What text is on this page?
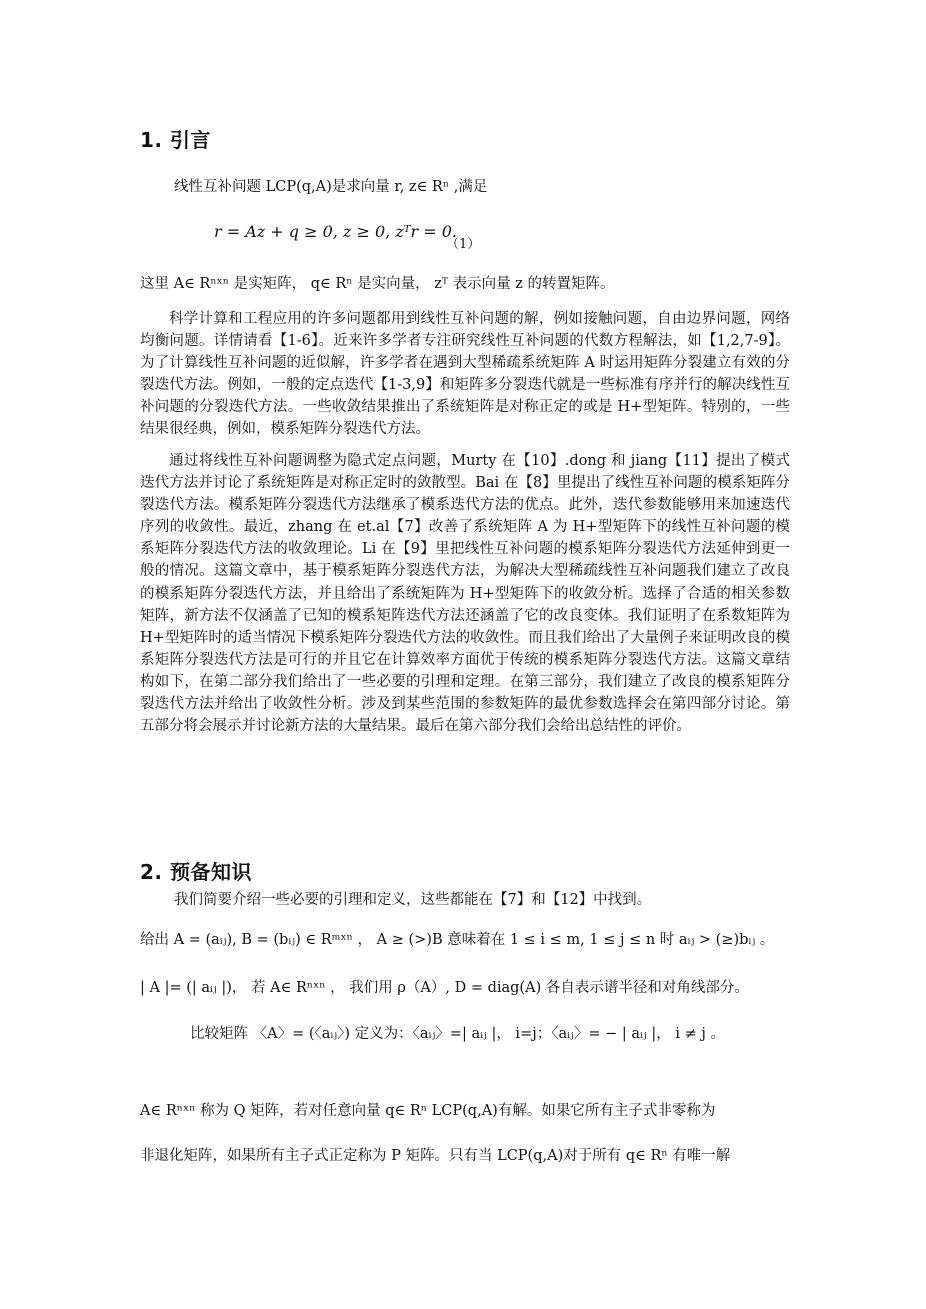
1. 引言
线性互补问题 LCP(q,A)是求向量 r, z∈ Rⁿ ,满足
r = Az + q ≥ 0, z ≥ 0, zᵀr = 0.
（1）
这里 A∈ Rⁿˣⁿ 是实矩阵， q∈ Rⁿ 是实向量， zᵀ 表示向量 z 的转置矩阵。
科学计算和工程应用的许多问题都用到线性互补问题的解，例如接触问题，自由边界问题，网络均衡问题。详情请看【1-6】。近来许多学者专注研究线性互补问题的代数方程解法，如【1,2,7-9】。为了计算线性互补问题的近似解，许多学者在遇到大型稀疏系统矩阵 A 时运用矩阵分裂建立有效的分裂迭代方法。例如，一般的定点迭代【1-3,9】和矩阵多分裂迭代就是一些标准有序并行的解决线性互补问题的分裂迭代方法。一些收敛结果推出了系统矩阵是对称正定的或是 H+型矩阵。特别的，一些结果很经典，例如，模系矩阵分裂迭代方法。
通过将线性互补问题调整为隐式定点问题，Murty 在【10】.dong 和 jiang【11】提出了模式迭代方法并讨论了系统矩阵是对称正定时的敛散型。Bai 在【8】里提出了线性互补问题的模系矩阵分裂迭代方法。模系矩阵分裂迭代方法继承了模系迭代方法的优点。此外，迭代参数能够用来加速迭代序列的收敛性。最近，zhang 在 et.al【7】改善了系统矩阵 A 为 H+型矩阵下的线性互补问题的模系矩阵分裂迭代方法的收敛理论。Li 在【9】里把线性互补问题的模系矩阵分裂迭代方法延伸到更一般的情况。这篇文章中，基于模系矩阵分裂迭代方法，为解决大型稀疏线性互补问题我们建立了改良的模系矩阵分裂迭代方法，并且给出了系统矩阵为 H+型矩阵下的收敛分析。选择了合适的相关参数矩阵，新方法不仅涵盖了已知的模系矩阵迭代方法还涵盖了它的改良变体。我们证明了在系数矩阵为 H+型矩阵时的适当情况下模系矩阵分裂迭代方法的收敛性。而且我们给出了大量例子来证明改良的模系矩阵分裂迭代方法是可行的并且它在计算效率方面优于传统的模系矩阵分裂迭代方法。这篇文章结构如下，在第二部分我们给出了一些必要的引理和定理。在第三部分，我们建立了改良的模系矩阵分裂迭代方法并给出了收敛性分析。涉及到某些范围的参数矩阵的最优参数选择会在第四部分讨论。第五部分将会展示并讨论新方法的大量结果。最后在第六部分我们会给出总结性的评价。
2. 预备知识
我们简要介绍一些必要的引理和定义，这些都能在【7】和【12】中找到。
给出 A = (aᵢⱼ), B = (bᵢⱼ) ∈ Rᵐˣⁿ ， A ≥ (>)B 意味着在 1 ≤ i ≤ m, 1 ≤ j ≤ n 时 aᵢⱼ > (≥)bᵢⱼ 。
| A |= (| aᵢⱼ |)， 若 A∈ Rⁿˣⁿ ， 我们用 ρ（A）, D = diag(A) 各自表示谱半径和对角线部分。
比较矩阵 〈A〉= (〈aᵢⱼ〉) 定义为：〈aᵢⱼ〉=| aᵢⱼ |， i=j；〈aᵢⱼ〉= − | aᵢⱼ |， i ≠ j 。
A∈ Rⁿˣⁿ 称为 Q 矩阵，若对任意向量 q∈ Rⁿ LCP(q,A)有解。如果它所有主子式非零称为
非退化矩阵，如果所有主子式正定称为 P 矩阵。只有当 LCP(q,A)对于所有 q∈ Rⁿ 有唯一解
